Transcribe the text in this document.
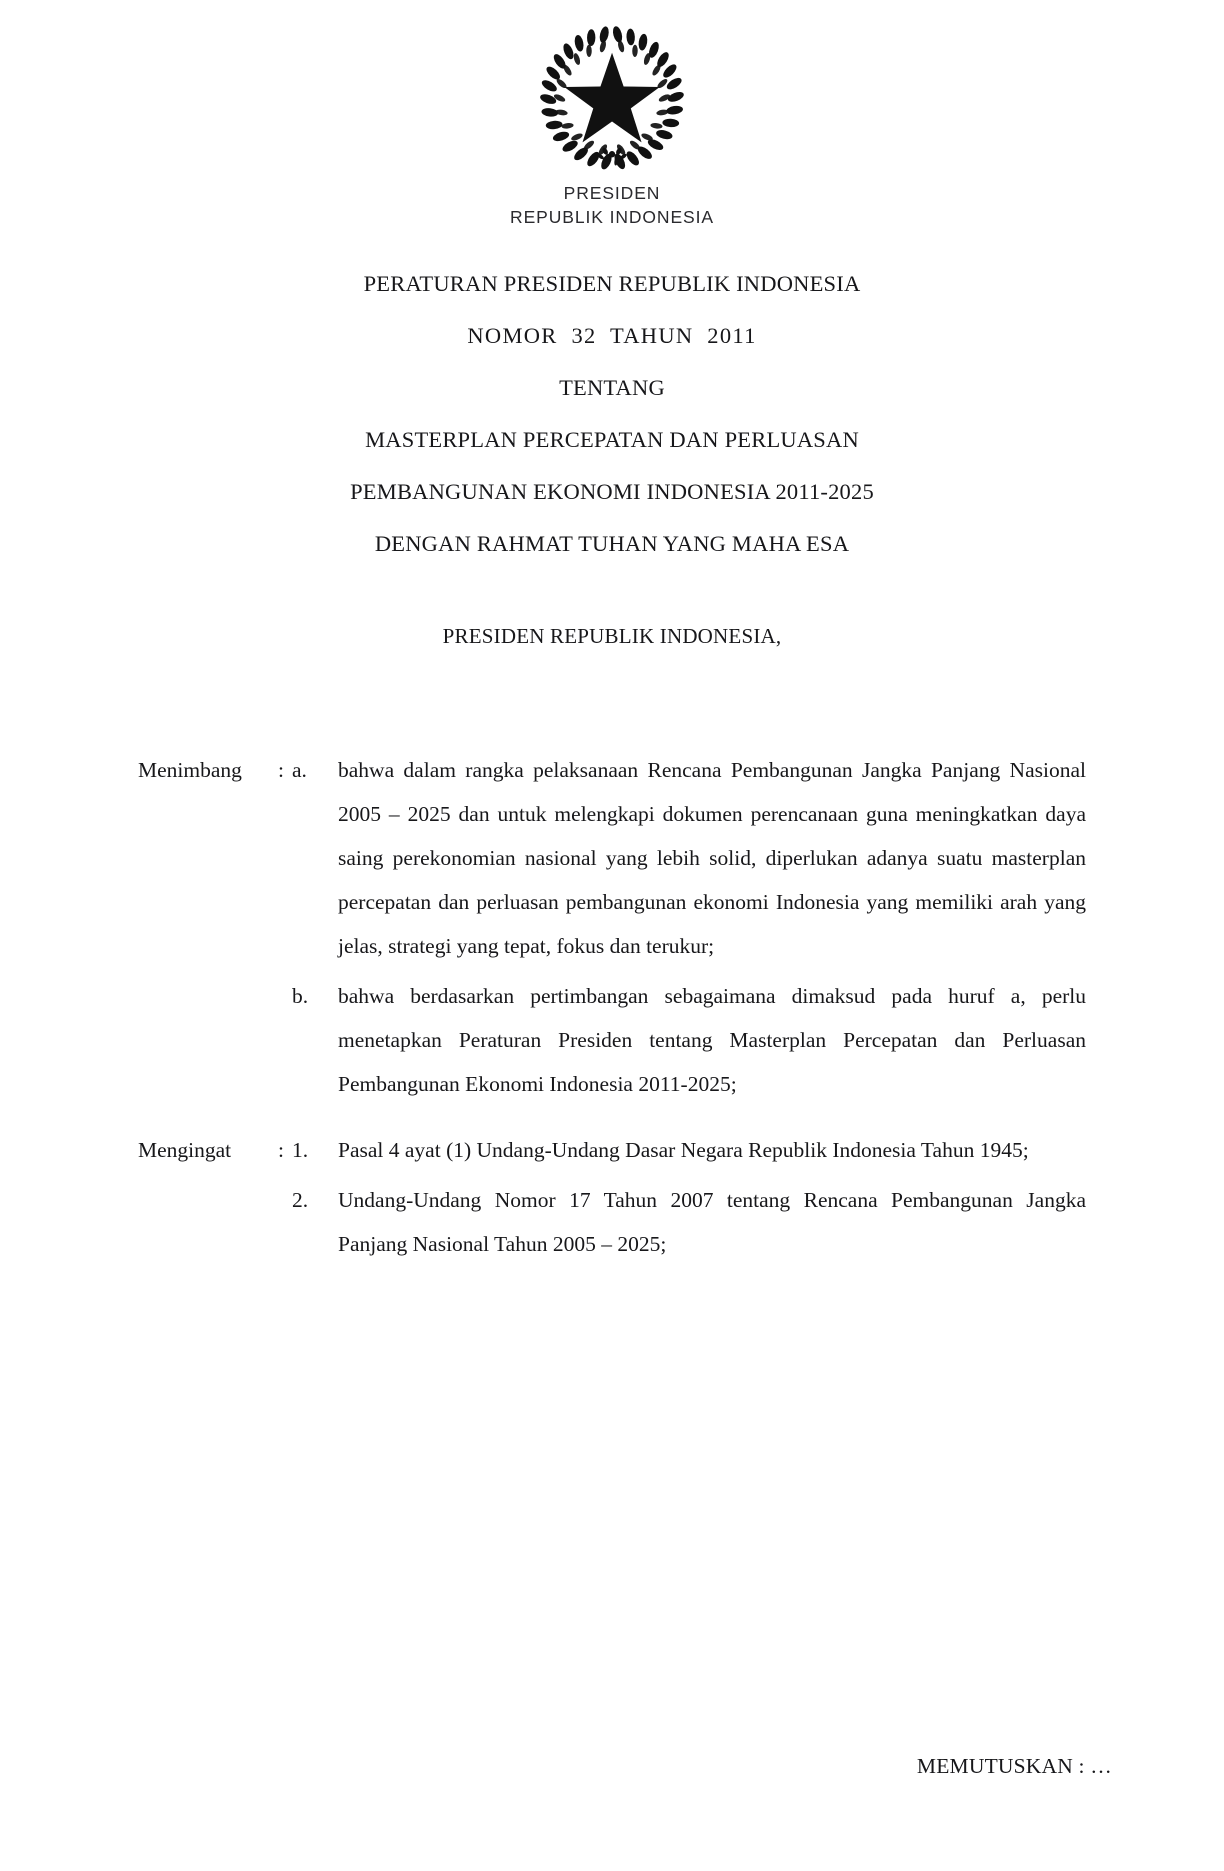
PRESIDEN
REPUBLIK INDONESIA
PERATURAN PRESIDEN REPUBLIK INDONESIA
NOMOR  32  TAHUN  2011
TENTANG
MASTERPLAN PERCEPATAN DAN PERLUASAN
PEMBANGUNAN EKONOMI INDONESIA 2011-2025
DENGAN RAHMAT TUHAN YANG MAHA ESA
PRESIDEN REPUBLIK INDONESIA,
Menimbang	: a.	bahwa dalam rangka pelaksanaan Rencana Pembangunan Jangka Panjang Nasional 2005 – 2025 dan untuk melengkapi dokumen perencanaan guna meningkatkan daya saing perekonomian nasional yang lebih solid, diperlukan adanya suatu masterplan percepatan dan perluasan pembangunan ekonomi Indonesia yang memiliki arah yang jelas, strategi yang tepat, fokus dan terukur;
b.	bahwa berdasarkan pertimbangan sebagaimana dimaksud pada huruf a, perlu menetapkan Peraturan Presiden tentang Masterplan Percepatan dan Perluasan Pembangunan Ekonomi Indonesia 2011-2025;
Mengingat	: 1.	Pasal 4 ayat (1) Undang-Undang Dasar Negara Republik Indonesia Tahun 1945;
2.	Undang-Undang Nomor 17 Tahun 2007 tentang Rencana Pembangunan Jangka Panjang Nasional Tahun 2005 – 2025;
MEMUTUSKAN : …
